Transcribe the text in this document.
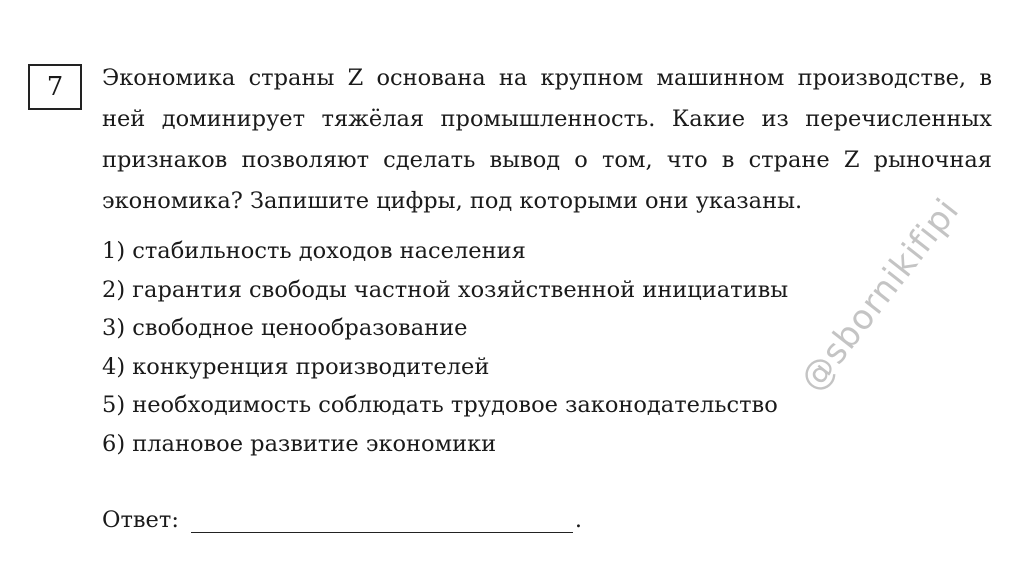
7 Экономика страны Z основана на крупном машинном производстве, в ней доминирует тяжёлая промышленность. Какие из перечисленных признаков позволяют сделать вывод о том, что в стране Z рыночная экономика? Запишите цифры, под которыми они указаны.

1) стабильность доходов населения
2) гарантия свободы частной хозяйственной инициативы
3) свободное ценообразование
4) конкуренция производителей
5) необходимость соблюдать трудовое законодательство
6) плановое развитие экономики
@sbornikifipi
Ответ:	.
